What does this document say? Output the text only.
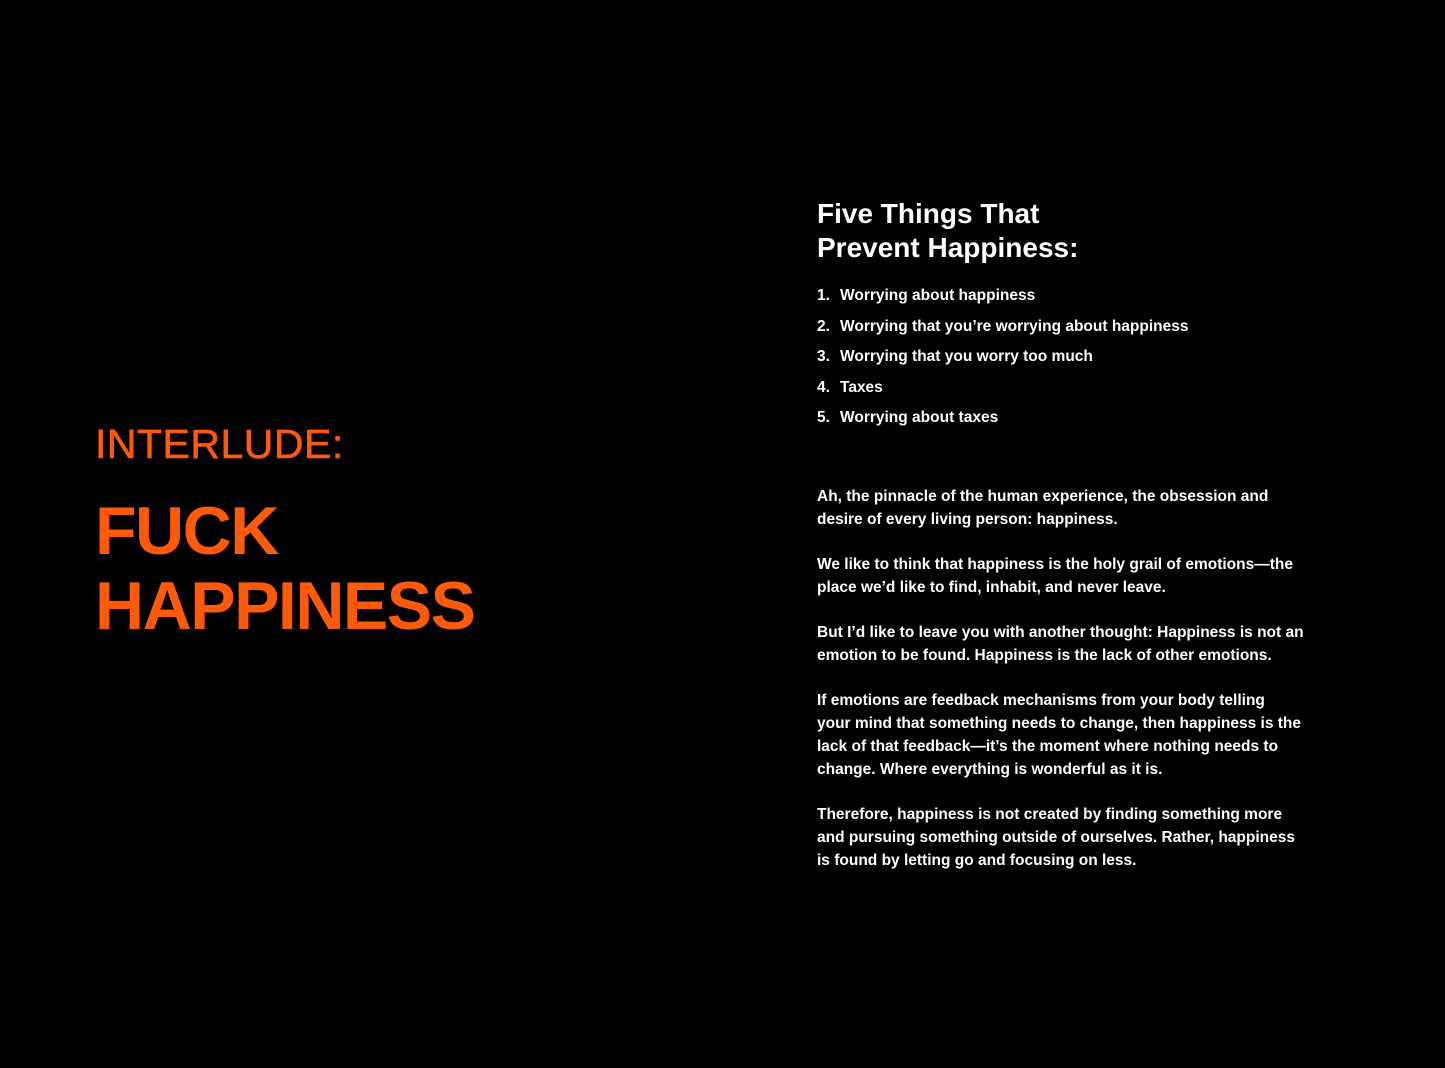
INTERLUDE:
FUCK
HAPPINESS
Five Things That
Prevent Happiness:
1. Worrying about happiness
2. Worrying that you’re worrying about happiness
3. Worrying that you worry too much
4. Taxes
5. Worrying about taxes

Ah, the pinnacle of the human experience, the obsession and
desire of every living person: happiness.

We like to think that happiness is the holy grail of emotions—the
place we’d like to find, inhabit, and never leave.

But I’d like to leave you with another thought: Happiness is not an
emotion to be found. Happiness is the lack of other emotions.

If emotions are feedback mechanisms from your body telling
your mind that something needs to change, then happiness is the
lack of that feedback—it’s the moment where nothing needs to
change. Where everything is wonderful as it is.

Therefore, happiness is not created by finding something more
and pursuing something outside of ourselves. Rather, happiness
is found by letting go and focusing on less.
